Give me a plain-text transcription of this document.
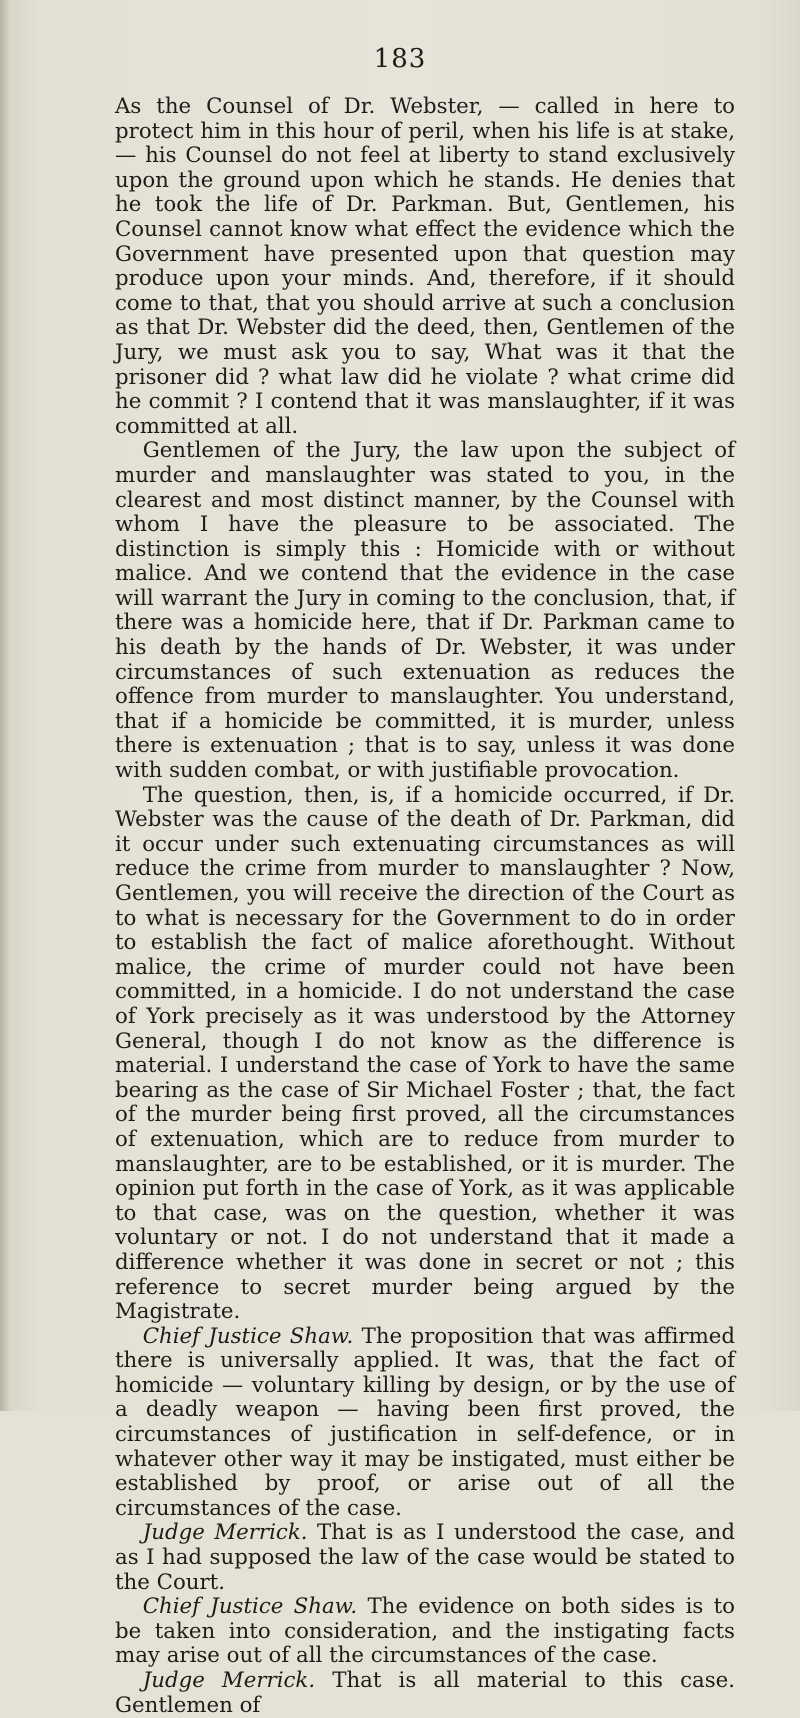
183

As the Counsel of Dr. Webster, — called in here to protect him in this hour of peril, when his life is at stake, — his Counsel do not feel at liberty to stand exclusively upon the ground upon which he stands. He denies that he took the life of Dr. Parkman. But, Gentlemen, his Counsel cannot know what effect the evidence which the Government have presented upon that question may produce upon your minds. And, therefore, if it should come to that, that you should arrive at such a conclusion as that Dr. Webster did the deed, then, Gentlemen of the Jury, we must ask you to say, What was it that the prisoner did ? what law did he violate ? what crime did he commit ? I contend that it was manslaughter, if it was committed at all.

Gentlemen of the Jury, the law upon the subject of murder and manslaughter was stated to you, in the clearest and most distinct manner, by the Counsel with whom I have the pleasure to be associated. The distinction is simply this : Homicide with or without malice. And we contend that the evidence in the case will warrant the Jury in coming to the conclusion, that, if there was a homicide here, that if Dr. Parkman came to his death by the hands of Dr. Webster, it was under circumstances of such extenuation as reduces the offence from murder to manslaughter. You understand, that if a homicide be committed, it is murder, unless there is extenuation ; that is to say, unless it was done with sudden combat, or with justifiable provocation.

The question, then, is, if a homicide occurred, if Dr. Webster was the cause of the death of Dr. Parkman, did it occur under such extenuating circumstances as will reduce the crime from murder to manslaughter ? Now, Gentlemen, you will receive the direction of the Court as to what is necessary for the Government to do in order to establish the fact of malice aforethought. Without malice, the crime of murder could not have been committed, in a homicide. I do not understand the case of York precisely as it was understood by the Attorney General, though I do not know as the difference is material. I understand the case of York to have the same bearing as the case of Sir Michael Foster ; that, the fact of the murder being first proved, all the circumstances of extenuation, which are to reduce from murder to manslaughter, are to be established, or it is murder. The opinion put forth in the case of York, as it was applicable to that case, was on the question, whether it was voluntary or not. I do not understand that it made a difference whether it was done in secret or not ; this reference to secret murder being argued by the Magistrate.

Chief Justice Shaw. The proposition that was affirmed there is universally applied. It was, that the fact of homicide — voluntary killing by design, or by the use of a deadly weapon — having been first proved, the circumstances of justification in self-defence, or in whatever other way it may be instigated, must either be established by proof, or arise out of all the circumstances of the case.

Judge Merrick. That is as I understood the case, and as I had supposed the law of the case would be stated to the Court.

Chief Justice Shaw. The evidence on both sides is to be taken into consideration, and the instigating facts may arise out of all the circumstances of the case.

Judge Merrick. That is all material to this case. Gentlemen of
